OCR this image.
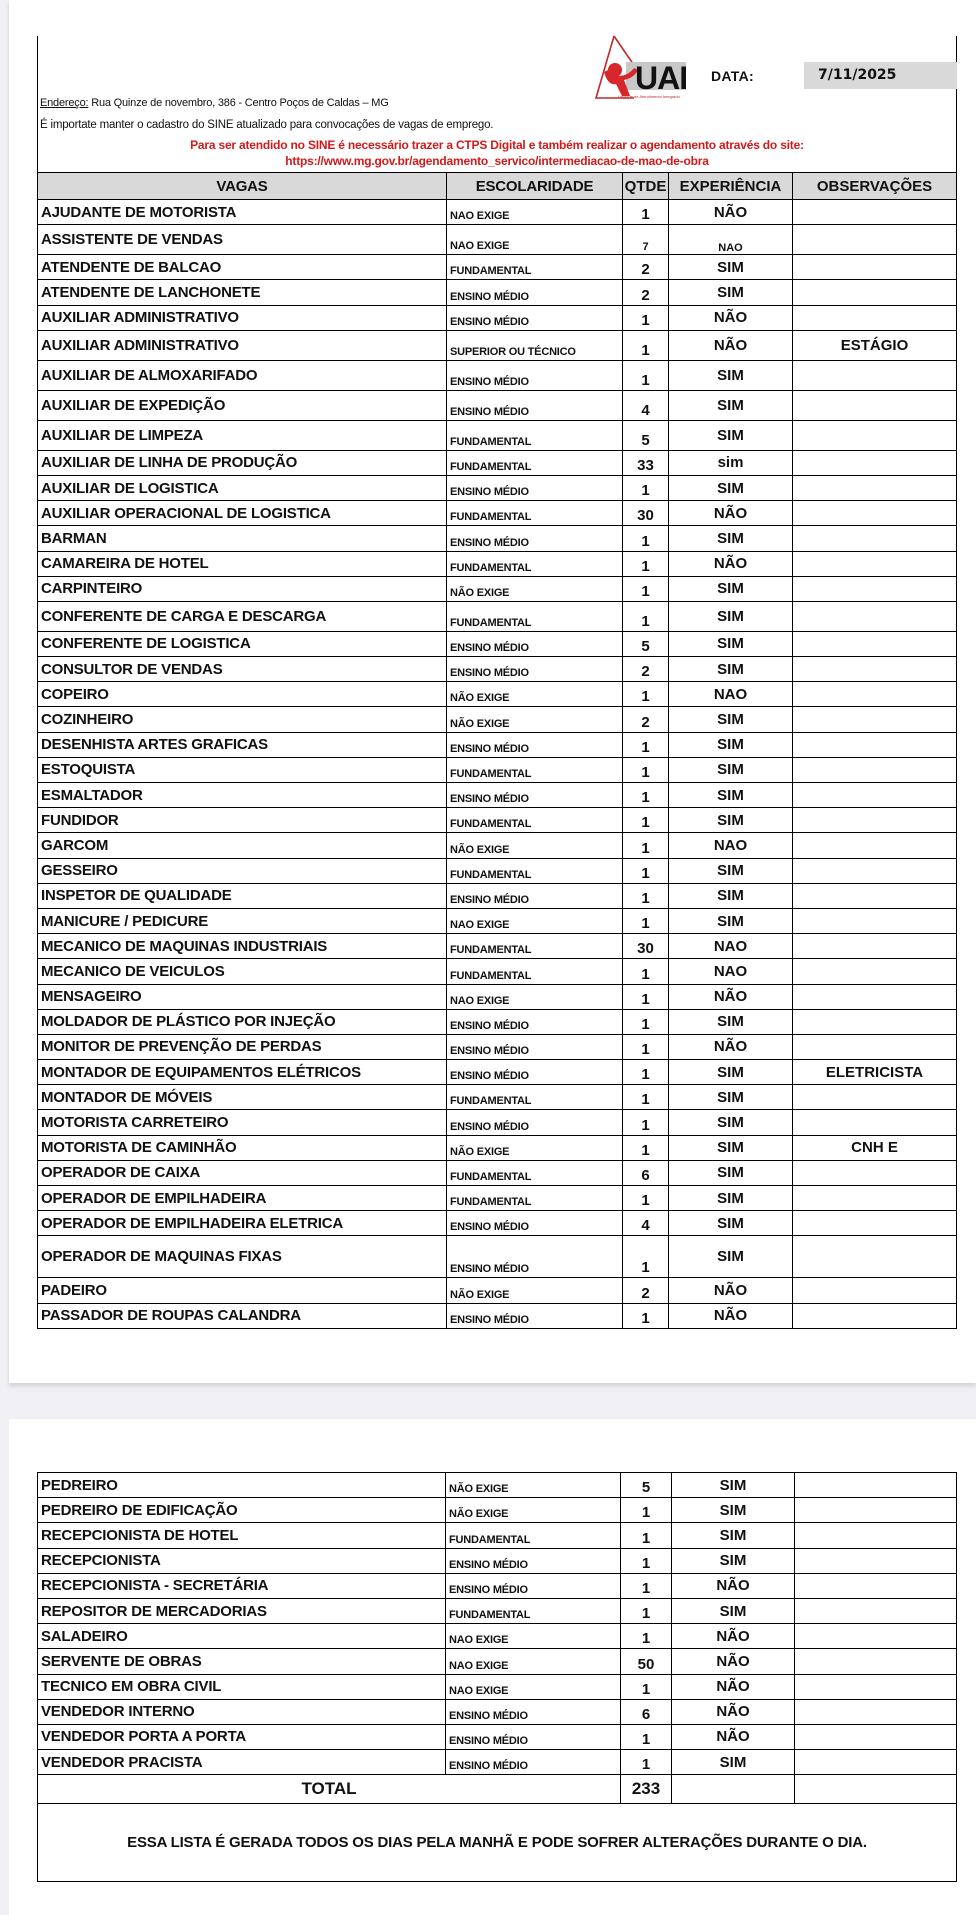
UAI
Unidade de Atendimento Integrado
DATA:	7/11/2025
Endereço: Rua Quinze de novembro, 386 - Centro Poços de Caldas – MG
É importate manter o cadastro do SINE atualizado para convocações de vagas de emprego.
Para ser atendido no SINE é necessário trazer a CTPS Digital e também realizar o agendamento através do site:
https://www.mg.gov.br/agendamento_servico/intermediacao-de-mao-de-obra
VAGAS	ESCOLARIDADE	QTDE	EXPERIÊNCIA	OBSERVAÇÕES
AJUDANTE DE MOTORISTA	NAO EXIGE	1	NÃO	
ASSISTENTE DE VENDAS	NAO EXIGE	7	NAO	
ATENDENTE DE BALCAO	FUNDAMENTAL	2	SIM	
ATENDENTE DE LANCHONETE	ENSINO MÉDIO	2	SIM	
AUXILIAR ADMINISTRATIVO	ENSINO MÉDIO	1	NÃO	
AUXILIAR ADMINISTRATIVO	SUPERIOR OU TÉCNICO	1	NÃO	ESTÁGIO
AUXILIAR DE ALMOXARIFADO	ENSINO MÉDIO	1	SIM	
AUXILIAR DE EXPEDIÇÃO	ENSINO MÉDIO	4	SIM	
AUXILIAR DE LIMPEZA	FUNDAMENTAL	5	SIM	
AUXILIAR DE LINHA DE PRODUÇÃO	FUNDAMENTAL	33	sim	
AUXILIAR DE LOGISTICA	ENSINO MÉDIO	1	SIM	
AUXILIAR OPERACIONAL DE LOGISTICA	FUNDAMENTAL	30	NÃO	
BARMAN	ENSINO MÉDIO	1	SIM	
CAMAREIRA DE HOTEL	FUNDAMENTAL	1	NÃO	
CARPINTEIRO	NÃO EXIGE	1	SIM	
CONFERENTE DE CARGA E DESCARGA	FUNDAMENTAL	1	SIM	
CONFERENTE DE LOGISTICA	ENSINO MÉDIO	5	SIM	
CONSULTOR DE VENDAS	ENSINO MÉDIO	2	SIM	
COPEIRO	NÃO EXIGE	1	NAO	
COZINHEIRO	NÃO EXIGE	2	SIM	
DESENHISTA ARTES GRAFICAS	ENSINO MÉDIO	1	SIM	
ESTOQUISTA	FUNDAMENTAL	1	SIM	
ESMALTADOR	ENSINO MÉDIO	1	SIM	
FUNDIDOR	FUNDAMENTAL	1	SIM	
GARCOM	NÃO EXIGE	1	NAO	
GESSEIRO	FUNDAMENTAL	1	SIM	
INSPETOR DE QUALIDADE	ENSINO MÉDIO	1	SIM	
MANICURE / PEDICURE	NAO EXIGE	1	SIM	
MECANICO DE MAQUINAS INDUSTRIAIS	FUNDAMENTAL	30	NAO	
MECANICO DE VEICULOS	FUNDAMENTAL	1	NAO	
MENSAGEIRO	NAO EXIGE	1	NÃO	
MOLDADOR DE PLÁSTICO POR INJEÇÃO	ENSINO MÉDIO	1	SIM	
MONITOR DE PREVENÇÃO DE PERDAS	ENSINO MÉDIO	1	NÃO	
MONTADOR DE EQUIPAMENTOS ELÉTRICOS	ENSINO MÉDIO	1	SIM	ELETRICISTA
MONTADOR DE MÓVEIS	FUNDAMENTAL	1	SIM	
MOTORISTA CARRETEIRO	ENSINO MÉDIO	1	SIM	
MOTORISTA DE CAMINHÃO	NÃO EXIGE	1	SIM	CNH E
OPERADOR DE CAIXA	FUNDAMENTAL	6	SIM	
OPERADOR DE EMPILHADEIRA	FUNDAMENTAL	1	SIM	
OPERADOR DE EMPILHADEIRA ELETRICA	ENSINO MÉDIO	4	SIM	
OPERADOR DE MAQUINAS FIXAS	ENSINO MÉDIO	1	SIM	
PADEIRO	NÃO EXIGE	2	NÃO	
PASSADOR DE ROUPAS CALANDRA	ENSINO MÉDIO	1	NÃO	
PEDREIRO	NÃO EXIGE	5	SIM	
PEDREIRO DE EDIFICAÇÃO	NÃO EXIGE	1	SIM	
RECEPCIONISTA DE HOTEL	FUNDAMENTAL	1	SIM	
RECEPCIONISTA	ENSINO MÉDIO	1	SIM	
RECEPCIONISTA - SECRETÁRIA	ENSINO MÉDIO	1	NÃO	
REPOSITOR DE MERCADORIAS	FUNDAMENTAL	1	SIM	
SALADEIRO	NAO EXIGE	1	NÃO	
SERVENTE DE OBRAS	NAO EXIGE	50	NÃO	
TECNICO EM OBRA CIVIL	NAO EXIGE	1	NÃO	
VENDEDOR INTERNO	ENSINO MÉDIO	6	NÃO	
VENDEDOR PORTA A PORTA	ENSINO MÉDIO	1	NÃO	
VENDEDOR PRACISTA	ENSINO MÉDIO	1	SIM	
TOTAL		233		
ESSA LISTA É GERADA TODOS OS DIAS PELA MANHÃ E PODE SOFRER ALTERAÇÕES DURANTE O DIA.				
